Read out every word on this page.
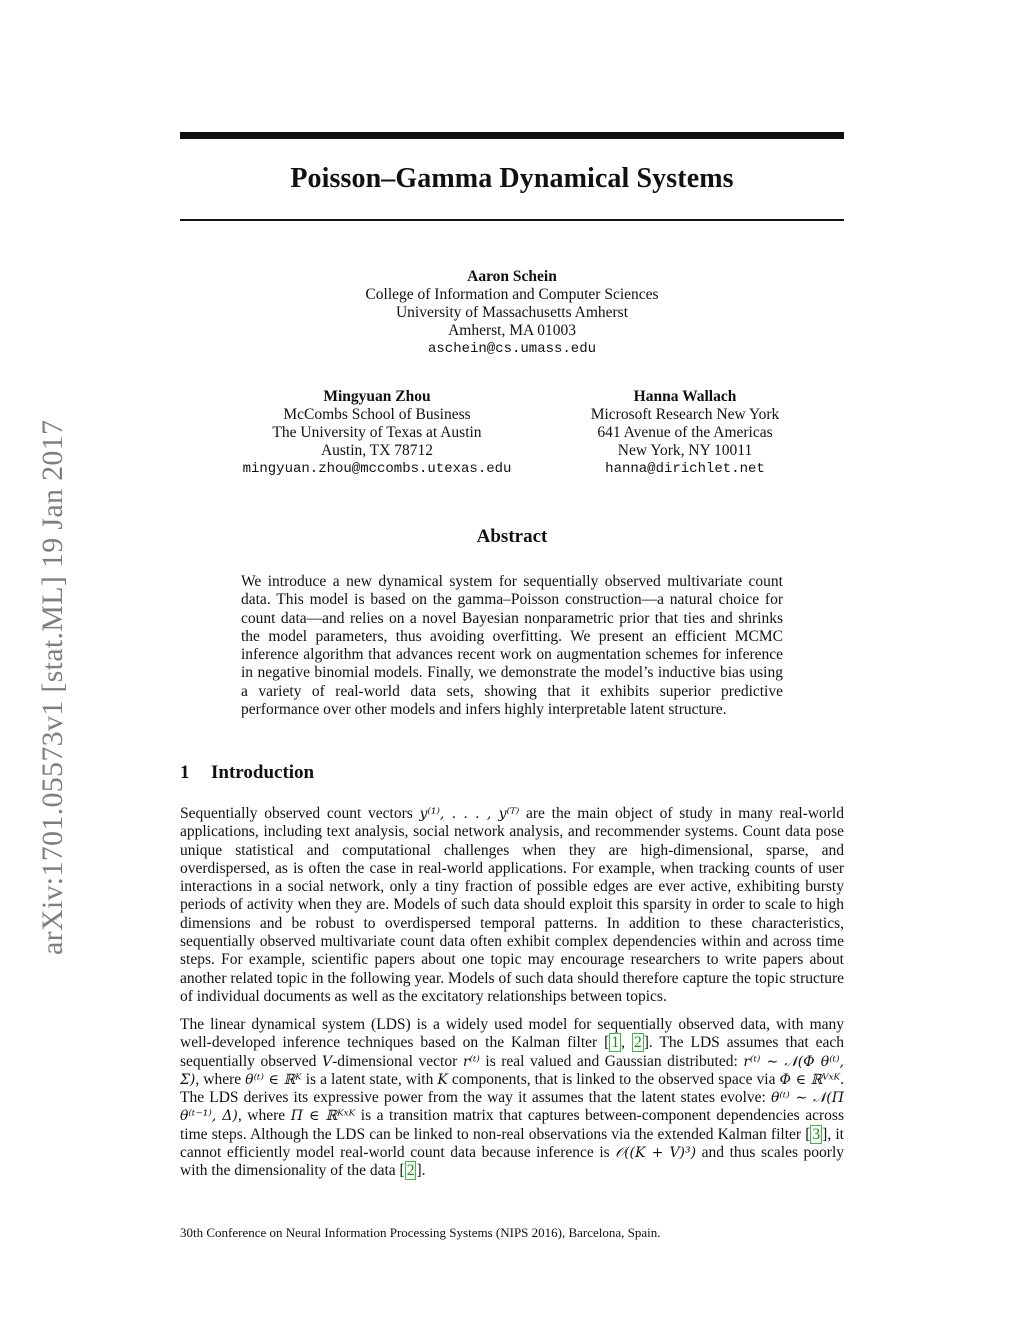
Poisson–Gamma Dynamical Systems
Aaron Schein
College of Information and Computer Sciences
University of Massachusetts Amherst
Amherst, MA 01003
aschein@cs.umass.edu
Mingyuan Zhou
McCombs School of Business
The University of Texas at Austin
Austin, TX 78712
mingyuan.zhou@mccombs.utexas.edu
Hanna Wallach
Microsoft Research New York
641 Avenue of the Americas
New York, NY 10011
hanna@dirichlet.net
arXiv:1701.05573v1 [stat.ML] 19 Jan 2017	Abstract
We introduce a new dynamical system for sequentially observed multivariate count data. This model is based on the gamma–Poisson construction—a natural choice for count data—and relies on a novel Bayesian nonparametric prior that ties and shrinks the model parameters, thus avoiding overfitting. We present an efficient MCMC inference algorithm that advances recent work on augmentation schemes for inference in negative binomial models. Finally, we demonstrate the model’s inductive bias using a variety of real-world data sets, showing that it exhibits superior predictive performance over other models and infers highly interpretable latent structure.
1 Introduction
Sequentially observed count vectors y⁽¹⁾, . . . , y⁽ᵀ⁾ are the main object of study in many real-world applications, including text analysis, social network analysis, and recommender systems. Count data pose unique statistical and computational challenges when they are high-dimensional, sparse, and overdispersed, as is often the case in real-world applications. For example, when tracking counts of user interactions in a social network, only a tiny fraction of possible edges are ever active, exhibiting bursty periods of activity when they are. Models of such data should exploit this sparsity in order to scale to high dimensions and be robust to overdispersed temporal patterns. In addition to these characteristics, sequentially observed multivariate count data often exhibit complex dependencies within and across time steps. For example, scientific papers about one topic may encourage researchers to write papers about another related topic in the following year. Models of such data should therefore capture the topic structure of individual documents as well as the excitatory relationships between topics.
The linear dynamical system (LDS) is a widely used model for sequentially observed data, with many well-developed inference techniques based on the Kalman filter [ 1 , 2 ]. The LDS assumes that each sequentially observed V-dimensional vector r⁽ᵗ⁾ is real valued and Gaussian distributed: r⁽ᵗ⁾ ∼ 𝒩(Φ θ⁽ᵗ⁾, Σ), where θ⁽ᵗ⁾ ∈ ℝᴷ is a latent state, with K components, that is linked to the observed space via Φ ∈ ℝⱽˣᴷ. The LDS derives its expressive power from the way it assumes that the latent states evolve: θ⁽ᵗ⁾ ∼ 𝒩(Π θ⁽ᵗ⁻¹⁾, Δ), where Π ∈ ℝᴷˣᴷ is a transition matrix that captures between-component dependencies across time steps. Although the LDS can be linked to non-real observations via the extended Kalman filter [ 3 ], it cannot efficiently model real-world count data because inference is 𝒪((K + V)³) and thus scales poorly with the dimensionality of the data [ 2 ].
30th Conference on Neural Information Processing Systems (NIPS 2016), Barcelona, Spain.
